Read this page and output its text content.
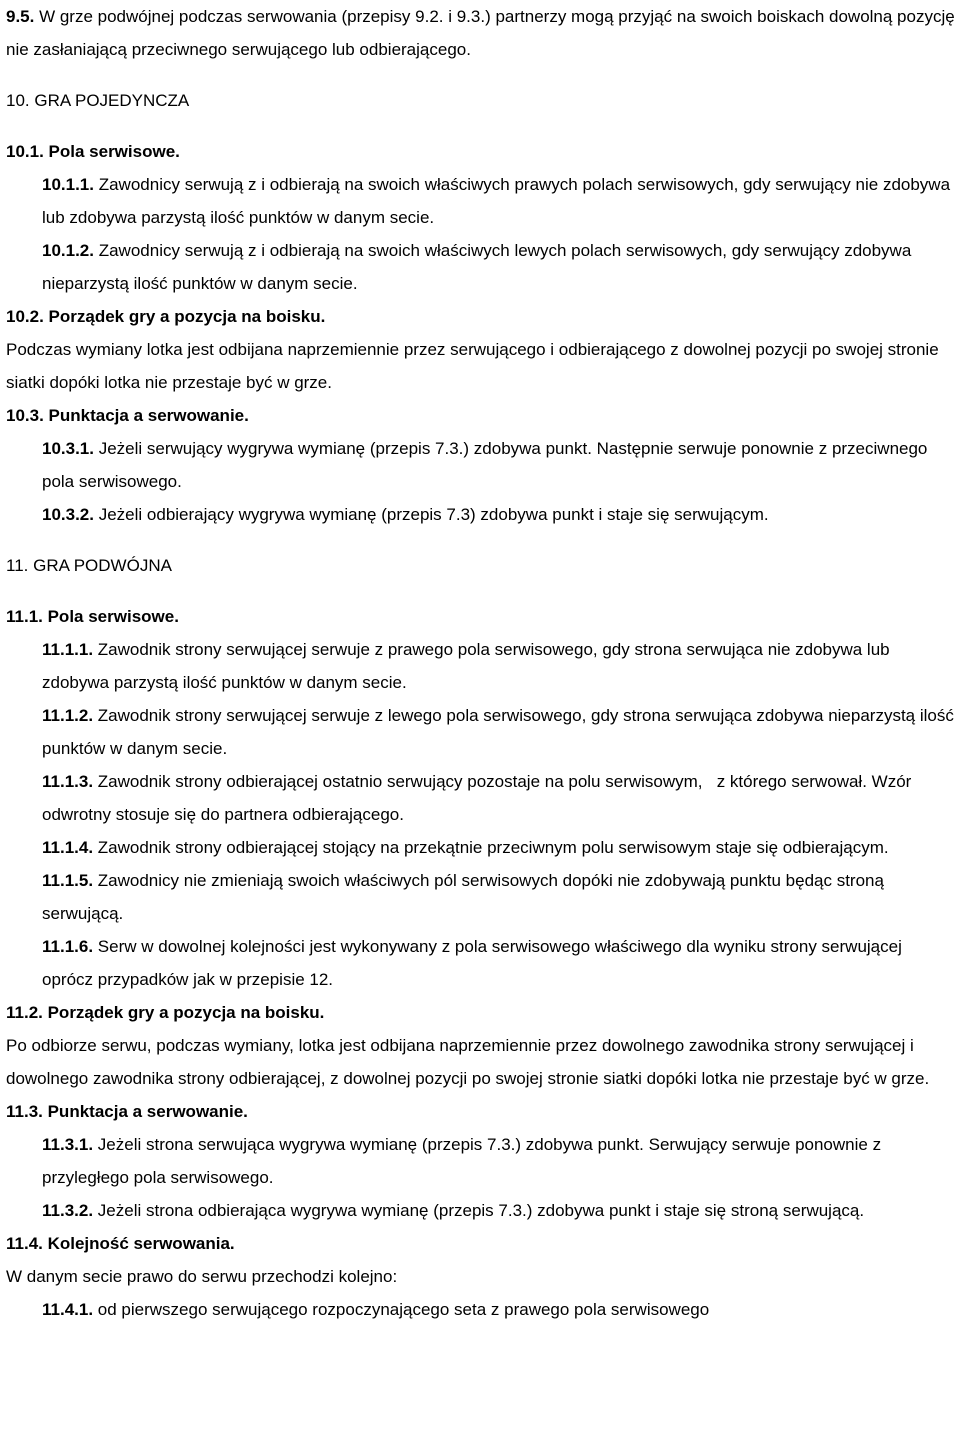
9.5. W grze podwójnej podczas serwowania (przepisy 9.2. i 9.3.) partnerzy mogą przyjąć na swoich boiskach dowolną pozycję nie zasłaniającą przeciwnego serwującego lub odbierającego.

10. GRA POJEDYNCZA

10.1. Pola serwisowe.

10.1.1. Zawodnicy serwują z i odbierają na swoich właściwych prawych polach serwisowych, gdy serwujący nie zdobywa lub zdobywa parzystą ilość punktów w danym secie.

10.1.2. Zawodnicy serwują z i odbierają na swoich właściwych lewych polach serwisowych, gdy serwujący zdobywa nieparzystą ilość punktów w danym secie.

10.2. Porządek gry a pozycja na boisku.

Podczas wymiany lotka jest odbijana naprzemiennie przez serwującego i odbierającego z dowolnej pozycji po swojej stronie siatki dopóki lotka nie przestaje być w grze.

10.3. Punktacja a serwowanie.

10.3.1. Jeżeli serwujący wygrywa wymianę (przepis 7.3.) zdobywa punkt. Następnie serwuje ponownie z przeciwnego pola serwisowego.

10.3.2. Jeżeli odbierający wygrywa wymianę (przepis 7.3) zdobywa punkt i staje się serwującym.

11. GRA PODWÓJNA

11.1. Pola serwisowe.

11.1.1. Zawodnik strony serwującej serwuje z prawego pola serwisowego, gdy strona serwująca nie zdobywa lub zdobywa parzystą ilość punktów w danym secie.

11.1.2. Zawodnik strony serwującej serwuje z lewego pola serwisowego, gdy strona serwująca zdobywa nieparzystą ilość punktów w danym secie.

11.1.3. Zawodnik strony odbierającej ostatnio serwujący pozostaje na polu serwisowym,   z którego serwował. Wzór odwrotny stosuje się do partnera odbierającego.

11.1.4. Zawodnik strony odbierającej stojący na przekątnie przeciwnym polu serwisowym staje się odbierającym.

11.1.5. Zawodnicy nie zmieniają swoich właściwych pól serwisowych dopóki nie zdobywają punktu będąc stroną serwującą.

11.1.6. Serw w dowolnej kolejności jest wykonywany z pola serwisowego właściwego dla wyniku strony serwującej oprócz przypadków jak w przepisie 12.

11.2. Porządek gry a pozycja na boisku.

Po odbiorze serwu, podczas wymiany, lotka jest odbijana naprzemiennie przez dowolnego zawodnika strony serwującej i dowolnego zawodnika strony odbierającej, z dowolnej pozycji po swojej stronie siatki dopóki lotka nie przestaje być w grze.

11.3. Punktacja a serwowanie.

11.3.1. Jeżeli strona serwująca wygrywa wymianę (przepis 7.3.) zdobywa punkt. Serwujący serwuje ponownie z przyległego pola serwisowego.

11.3.2. Jeżeli strona odbierająca wygrywa wymianę (przepis 7.3.) zdobywa punkt i staje się stroną serwującą.

11.4. Kolejność serwowania.

W danym secie prawo do serwu przechodzi kolejno:

11.4.1. od pierwszego serwującego rozpoczynającego seta z prawego pola serwisowego
